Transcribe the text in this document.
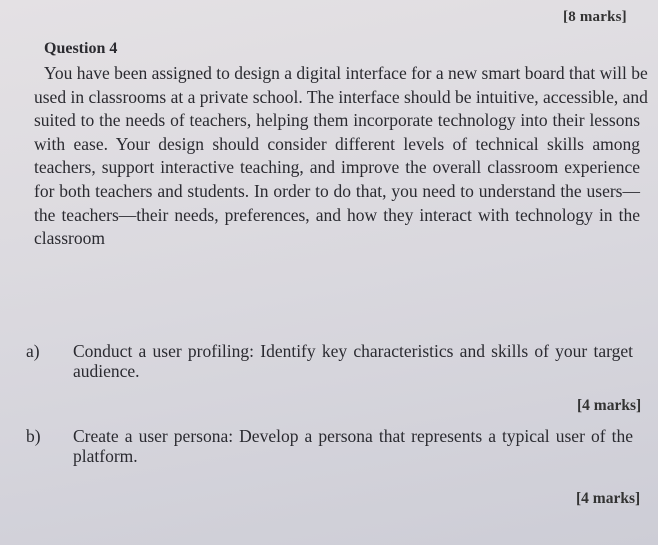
[8 marks]
Question 4
You have been assigned to design a digital interface for a new smart board that will be
used in classrooms at a private school. The interface should be intuitive, accessible, and
suited to the needs of teachers, helping them incorporate technology into their lessons
with ease. Your design should consider different levels of technical skills among
teachers, support interactive teaching, and improve the overall classroom experience
for both teachers and students. In order to do that, you need to understand the users—
the teachers—their needs, preferences, and how they interact with technology in the
classroom
a) Conduct a user profiling: Identify key characteristics and skills of your target
audience.
[4 marks]
b) Create a user persona: Develop a persona that represents a typical user of the
platform.
[4 marks]
